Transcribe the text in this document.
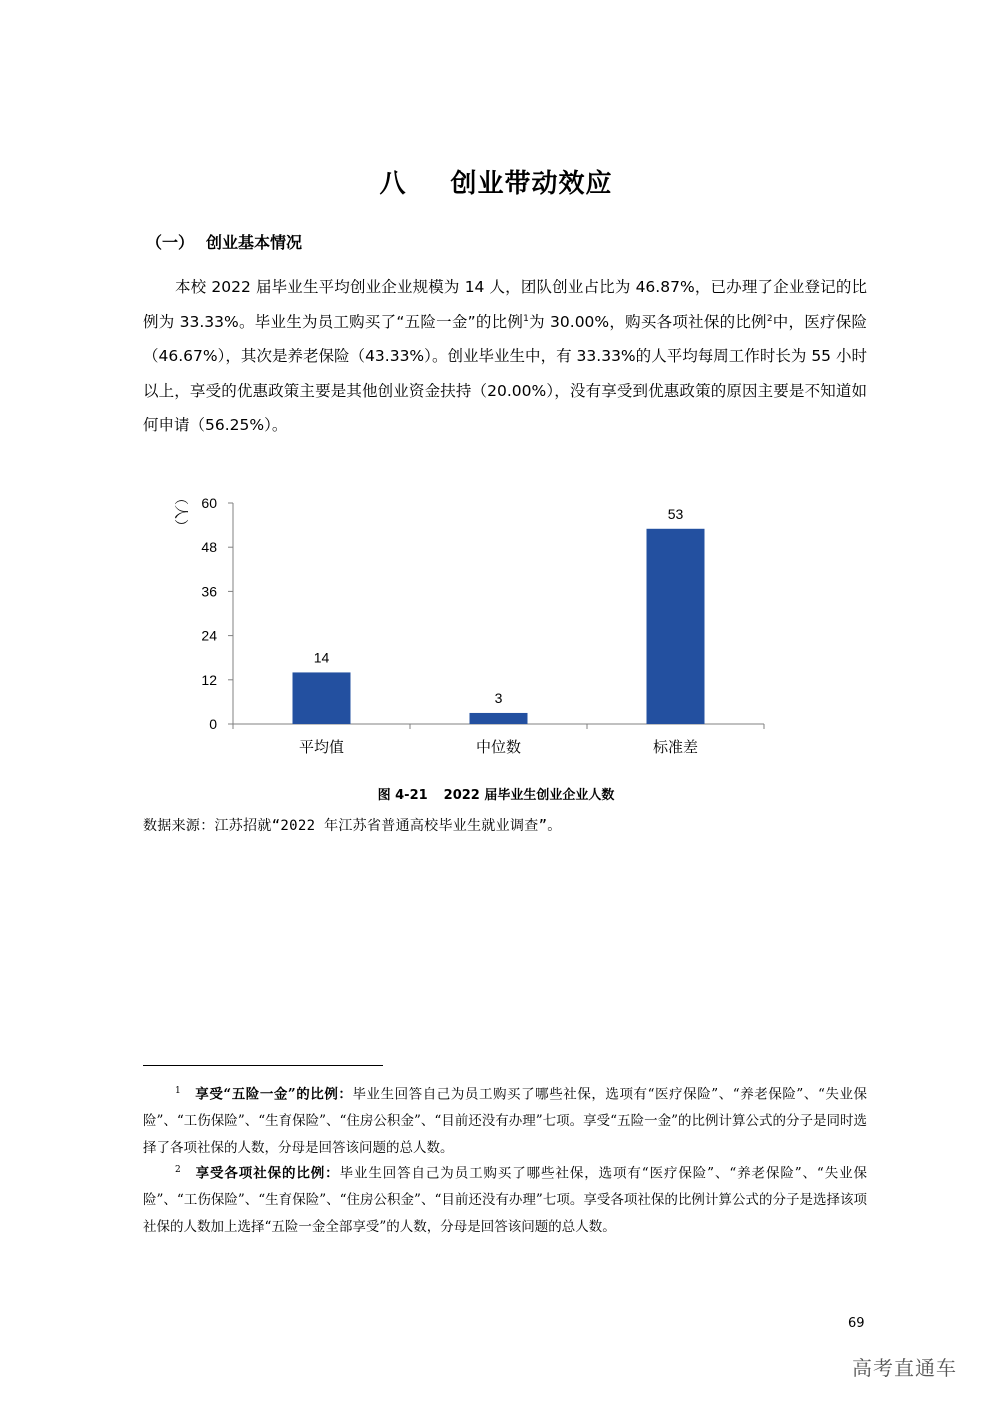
八 创业带动效应
（一） 创业基本情况
本校 2022 届毕业生平均创业企业规模为 14 人，团队创业占比为 46.87%，已办理了企业登记的比例为 33.33%。毕业生为员工购买了“五险一金”的比例$^1$为 30.00%，购买各项社保的比例$^2$中，医疗保险（46.67%），其次是养老保险（43.33%）。创业毕业生中，有 33.33%的人平均每周工作时长为 55 小时以上，享受的优惠政策主要是其他创业资金扶持（20.00%），没有享受到优惠政策的原因主要是不知道如何申请（56.25%）。
0
12
24
36
48
60
（人）
14
平均值
3
中位数
53
标准差
图 4-21 2022 届毕业生创业企业人数
数据来源：江苏招就“2022 年江苏省普通高校毕业生就业调查”。
$^1$ 享受“五险一金”的比例：毕业生回答自己为员工购买了哪些社保，选项有“医疗保险”、“养老保险”、“失业保险”、“工伤保险”、“生育保险”、“住房公积金”、“目前还没有办理”七项。享受“五险一金”的比例计算公式的分子是同时选择了各项社保的人数，分母是回答该问题的总人数。
$^2$ 享受各项社保的比例：毕业生回答自己为员工购买了哪些社保，选项有“医疗保险”、“养老保险”、“失业保险”、“工伤保险”、“生育保险”、“住房公积金”、“目前还没有办理”七项。享受各项社保的比例计算公式的分子是选择该项社保的人数加上选择“五险一金全部享受”的人数，分母是回答该问题的总人数。
69
高考直通车
